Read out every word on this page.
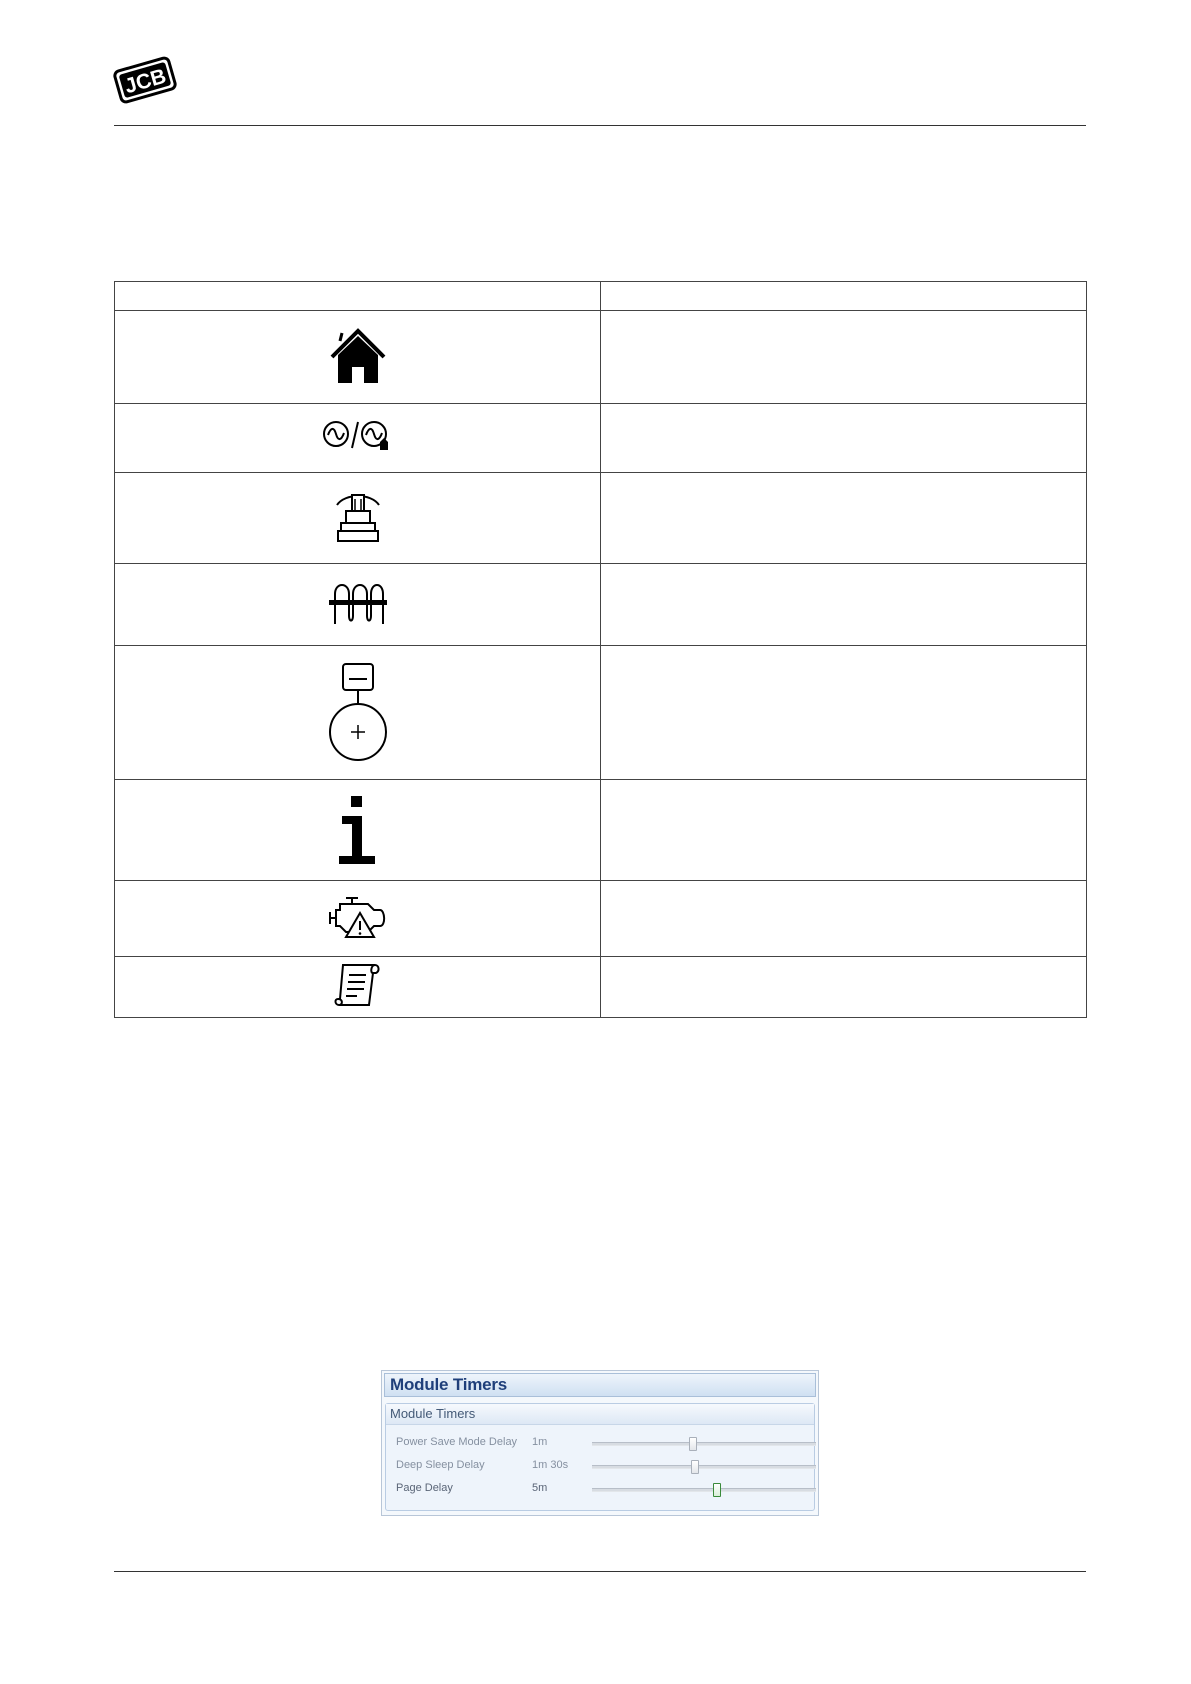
JCB

Module Timers
Module Timers
Power Save Mode Delay 1m
Deep Sleep Delay	1m 30s
Page Delay	5m
